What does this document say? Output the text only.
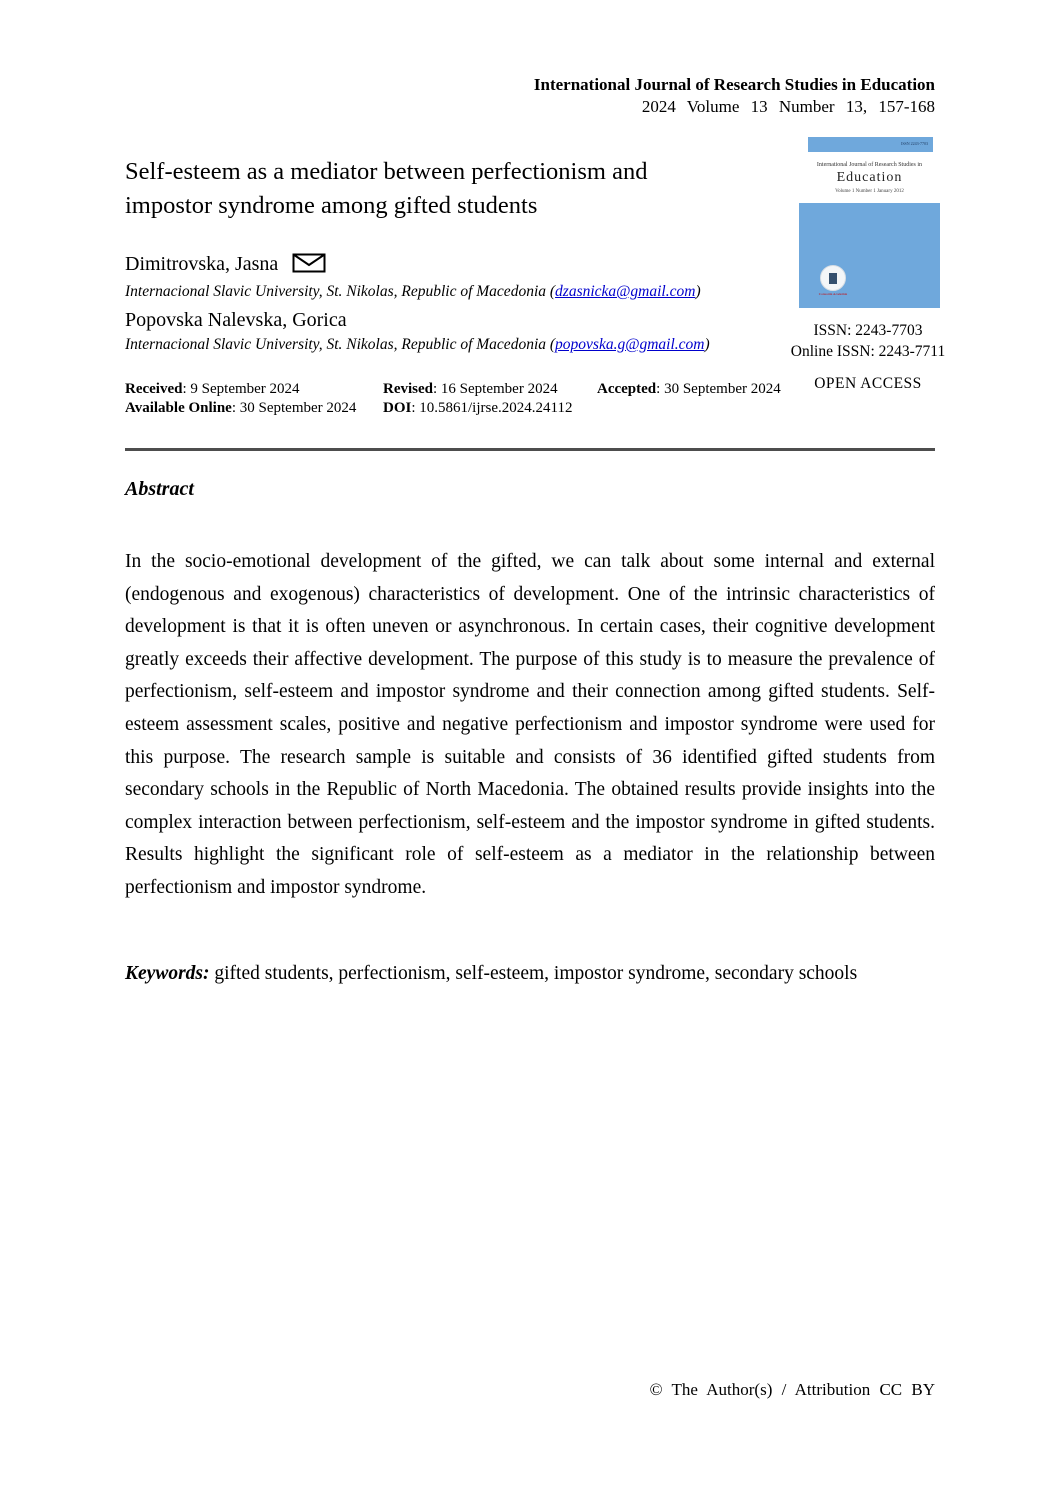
International Journal of Research Studies in Education
2024 Volume 13 Number 13, 157-168
Self-esteem as a mediator between perfectionism and impostor syndrome among gifted students
Dimitrovska, Jasna
Internacional Slavic University, St. Nikolas, Republic of Macedonia (dzasnicka@gmail.com)
Popovska Nalevska, Gorica
Internacional Slavic University, St. Nikolas, Republic of Macedonia (popovska.g@gmail.com)
Received: 9 September 2024	Revised: 16 September 2024	Accepted: 30 September 2024
Available Online: 30 September 2024	DOI: 10.5861/ijrse.2024.24112
ISSN 2243-7703
International Journal of Research Studies in
Education
Volume 1 Number 1 January 2012
Consortia Academia
ISSN: 2243-7703
Online ISSN: 2243-7711
OPEN ACCESS
Abstract

In the socio-emotional development of the gifted, we can talk about some internal and external (endogenous and exogenous) characteristics of development. One of the intrinsic characteristics of development is that it is often uneven or asynchronous. In certain cases, their cognitive development greatly exceeds their affective development. The purpose of this study is to measure the prevalence of perfectionism, self-esteem and impostor syndrome and their connection among gifted students. Self-esteem assessment scales, positive and negative perfectionism and impostor syndrome were used for this purpose. The research sample is suitable and consists of 36 identified gifted students from secondary schools in the Republic of North Macedonia. The obtained results provide insights into the complex interaction between perfectionism, self-esteem and the impostor syndrome in gifted students. Results highlight the significant role of self-esteem as a mediator in the relationship between perfectionism and impostor syndrome.

Keywords: gifted students, perfectionism, self-esteem, impostor syndrome, secondary schools

© The Author(s) / Attribution CC BY
